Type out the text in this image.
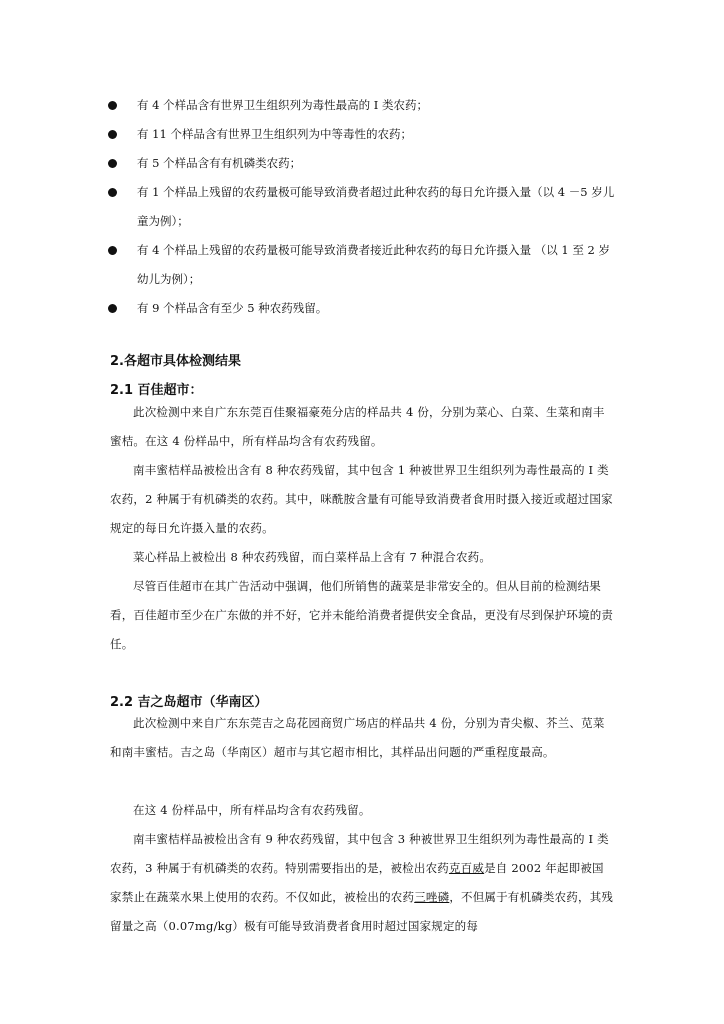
有 4 个样品含有世界卫生组织列为毒性最高的 I 类农药；
有 11 个样品含有世界卫生组织列为中等毒性的农药；
有 5 个样品含有有机磷类农药；
有 1 个样品上残留的农药量极可能导致消费者超过此种农药的每日允许摄入量（以 4 －5 岁儿童为例）；
有 4 个样品上残留的农药量极可能导致消费者接近此种农药的每日允许摄入量 （以 1 至 2 岁幼儿为例）；
有 9 个样品含有至少 5 种农药残留。
2.各超市具体检测结果
2.1 百佳超市：

此次检测中来自广东东莞百佳聚福豪苑分店的样品共 4 份，分别为菜心、白菜、生菜和南丰蜜桔。在这 4 份样品中，所有样品均含有农药残留。

南丰蜜桔样品被检出含有 8 种农药残留，其中包含 1 种被世界卫生组织列为毒性最高的 I 类农药，2 种属于有机磷类的农药。其中，咪酰胺含量有可能导致消费者食用时摄入接近或超过国家规定的每日允许摄入量的农药。

菜心样品上被检出 8 种农药残留，而白菜样品上含有 7 种混合农药。

尽管百佳超市在其广告活动中强调，他们所销售的蔬菜是非常安全的。但从目前的检测结果看，百佳超市至少在广东做的并不好，它并未能给消费者提供安全食品，更没有尽到保护环境的责任。

2.2 吉之岛超市（华南区）

此次检测中来自广东东莞吉之岛花园商贸广场店的样品共 4 份，分别为青尖椒、芥兰、苋菜和南丰蜜桔。吉之岛（华南区）超市与其它超市相比，其样品出问题的严重程度最高。

在这 4 份样品中，所有样品均含有农药残留。

南丰蜜桔样品被检出含有 9 种农药残留，其中包含 3 种被世界卫生组织列为毒性最高的 I 类农药，3 种属于有机磷类的农药。特别需要指出的是，被检出农药克百威是自 2002 年起即被国家禁止在蔬菜水果上使用的农药。不仅如此，被检出的农药三唑磷，不但属于有机磷类农药，其残留量之高（0.07mg/kg）极有可能导致消费者食用时超过国家规定的每
